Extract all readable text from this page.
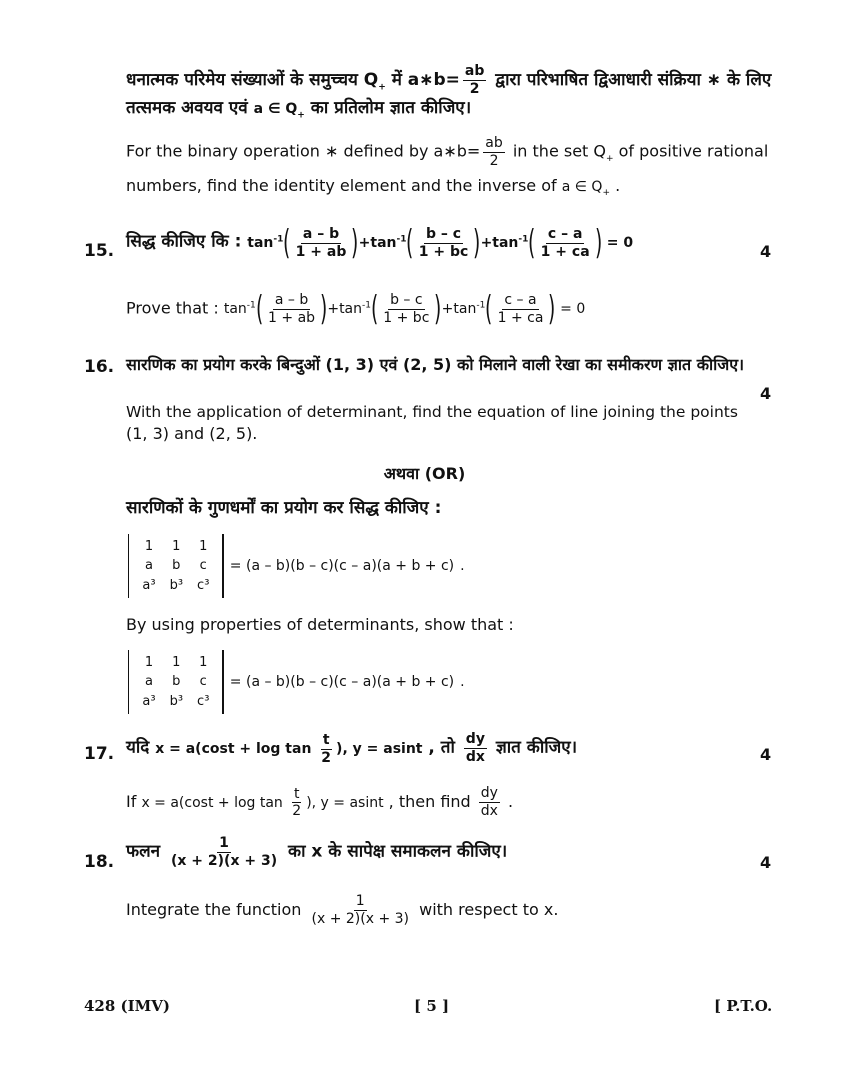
धनात्मक परिमेय संख्याओं के समुच्चय $Q_+$ में a∗b= $\frac{ab}{2}$ द्वारा परिभाषित द्विआधारी संक्रिया ∗ के लिए
तत्समक अवयव एवं a ∈ $Q_+$ का प्रतिलोम ज्ञात कीजिए।
For the binary operation ∗ defined by a∗b= $\frac{ab}{2}$ in the set $Q_+$ of positive rational
numbers, find the identity element and the inverse of a ∈ $Q_+$ .
15. सिद्ध कीजिए कि : $\tan^{-1}( \frac{a - b}{1 + ab} )+\tan^{-1}( \frac{b - c}{1 + bc} )+\tan^{-1}( \frac{c - a}{1 + ca}$ ) = 0	4
Prove that : $\tan^{-1}( \frac{a - b}{1 + ab} )+\tan^{-1}( \frac{b - c}{1 + bc} )+\tan^{-1}( \frac{c - a}{1 + ca}$ ) = 0
16. सारणिक का प्रयोग करके बिन्दुओं (1, 3) एवं (2, 5) को मिलाने वाली रेखा का समीकरण ज्ञात कीजिए।
4
With the application of determinant, find the equation of line joining the points
(1, 3) and (2, 5).
अथवा (OR)
सारणिकों के गुणधर्मों का प्रयोग कर सिद्ध कीजिए :
1	1	1
a	b	c
a³	b³	c³
= (a – b)(b – c)(c – a)(a + b + c) .
By using properties of determinants, show that :
1	1	1
a	b	c
a³	b³	c³
= (a – b)(b – c)(c – a)(a + b + c) .
17. यदि $x = a(\cos t + \log \tan \frac{t}{2}$ ), y = asint , तो $\frac{dy}{dx}$ ज्ञात कीजिए।	4
If $x = a(\cos t + \log \tan \frac{t}{2}$ ), y = asint , then find $\frac{dy}{dx}$ .
18.
फलन $\frac{1}{(x + 2)(x + 3)}$ का x के सापेक्ष समाकलन कीजिए।
4
Integrate the function $\frac{1}{(x + 2)(x + 3)}$ with respect to x.
428 (IMV)	[ 5 ]	[ P.T.O.
